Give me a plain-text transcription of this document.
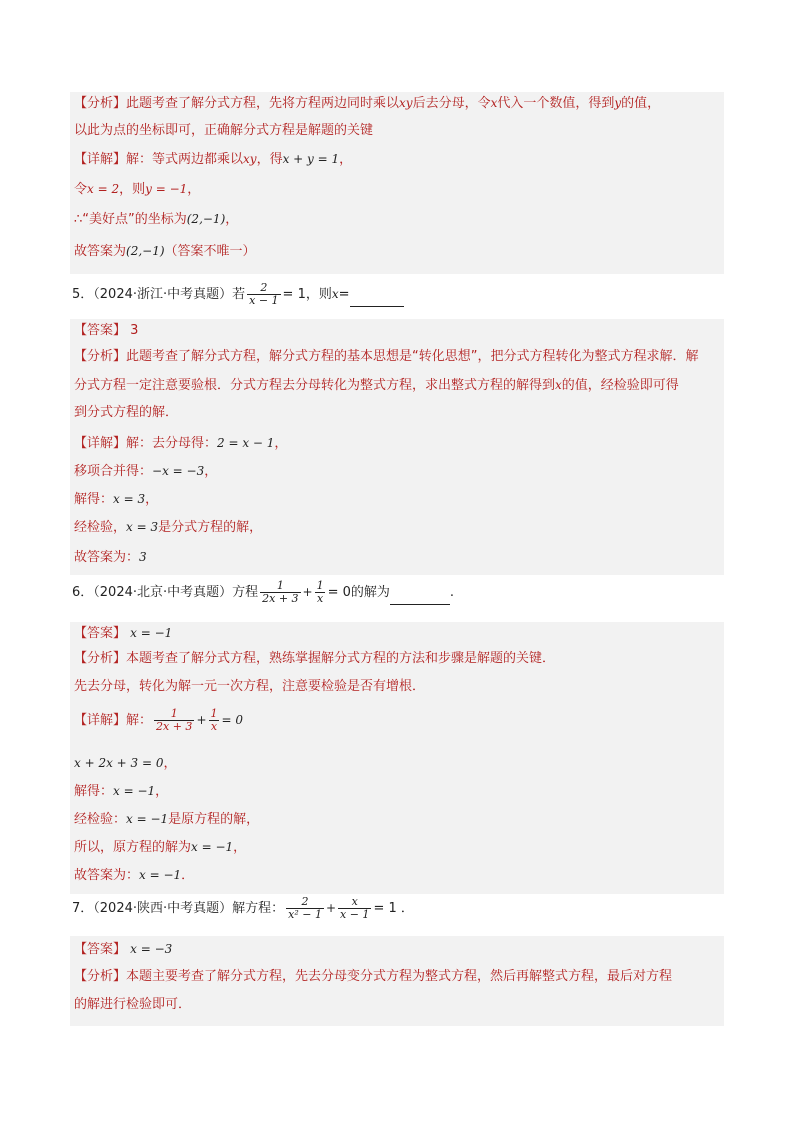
【分析】此题考查了解分式方程，先将方程两边同时乘以xy后去分母，令x代入一个数值，得到y的值，
以此为点的坐标即可，正确解分式方程是解题的关键
【详解】解：等式两边都乘以xy，得x + y = 1，
令x = 2，则y = −1，
∴“美好点”的坐标为(2,−1)，
故答案为(2,−1)（答案不唯一）
5．（2024·浙江·中考真题）若 $\frac{2}{x - 1} = 1$，则x=
【答案】 3
【分析】此题考查了解分式方程，解分式方程的基本思想是“转化思想”，把分式方程转化为整式方程求解．解
分式方程一定注意要验根．分式方程去分母转化为整式方程，求出整式方程的解得到x的值，经检验即可得
到分式方程的解．
【详解】解：去分母得：2 = x − 1，
移项合并得：−x = −3，
解得：x = 3，
经检验，x = 3是分式方程的解，
故答案为：3
6．（2024·北京·中考真题）方程 $\frac{1}{2x + 3} + \frac{1}{x} = 0$的解为	.
【答案】 x = −1
【分析】本题考查了解分式方程，熟练掌握解分式方程的方法和步骤是解题的关键．
先去分母，转化为解一元一次方程，注意要检验是否有增根．
【详解】解： $\frac{1}{2x + 3} + \frac{1}{x} = 0$
x + 2x + 3 = 0，
解得：x = −1，
经检验：x = −1是原方程的解，
所以，原方程的解为x = −1，
故答案为：x = −1．
7．（2024·陕西·中考真题）解方程： $\frac{2}{\text{x² − 1}} + \frac{x}{x - 1} = 1$ ．
【答案】 x = −3
【分析】本题主要考查了解分式方程，先去分母变分式方程为整式方程，然后再解整式方程，最后对方程
的解进行检验即可．
